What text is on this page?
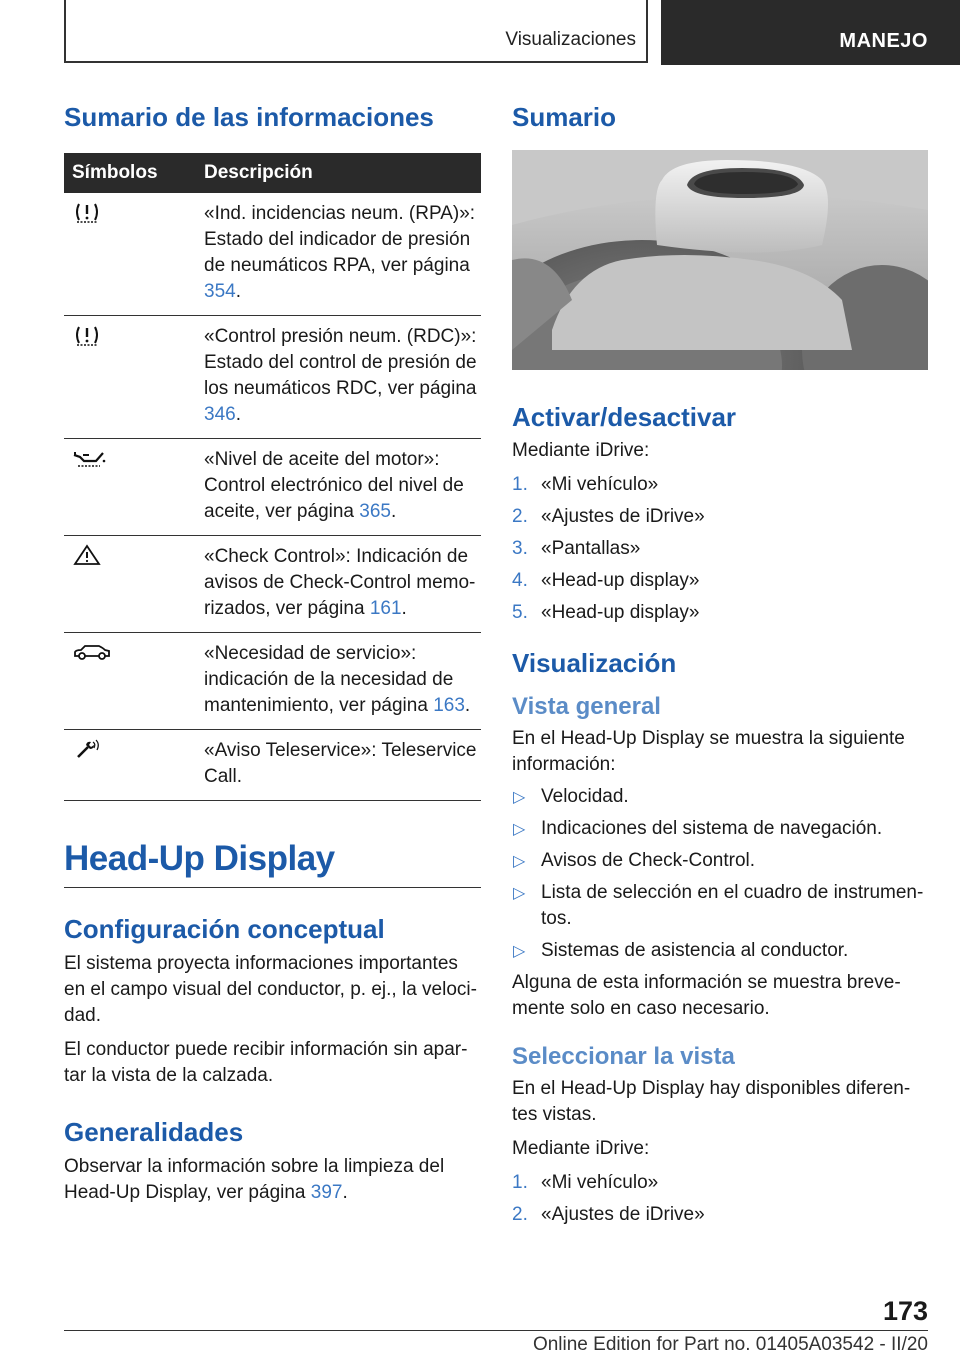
Visualizaciones	MANEJO
Sumario de las informaciones
Símbolos	Descripción
	«Ind. incidencias neum. (RPA)»: Estado del indicador de presión de neumáticos RPA, ver página 354.
	«Control presión neum. (RDC)»: Estado del control de presión de los neumáticos RDC, ver página 346.
	«Nivel de aceite del motor»: Control electrónico del nivel de aceite, ver página 365.
	«Check Control»: Indicación de avisos de Check-Control memorizados, ver página 161.
	«Necesidad de servicio»: indicación de la necesidad de mantenimiento, ver página 163.
	«Aviso Teleservice»: Teleservice Call.
Head-Up Display
Configuración conceptual

El sistema proyecta informaciones importantes en el campo visual del conductor, p. ej., la velocidad.

El conductor puede recibir información sin apartar la vista de la calzada.

Generalidades

Observar la información sobre la limpieza del Head-Up Display, ver página 397.

Sumario
Activar/desactivar

Mediante iDrive:

1. «Mi vehículo»
2. «Ajustes de iDrive»
3. «Pantallas»
4. «Head-up display»
5. «Head-up display»
Visualización
Vista general

En el Head-Up Display se muestra la siguiente información:

▷ Velocidad.
▷ Indicaciones del sistema de navegación.
▷ Avisos de Check-Control.
▷ Lista de selección en el cuadro de instrumentos.
▷ Sistemas de asistencia al conductor.

Alguna de esta información se muestra brevemente solo en caso necesario.

Seleccionar la vista

En el Head-Up Display hay disponibles diferentes vistas.

Mediante iDrive:

1. «Mi vehículo»
2. «Ajustes de iDrive»
173
Online Edition for Part no. 01405A03542 - II/20
